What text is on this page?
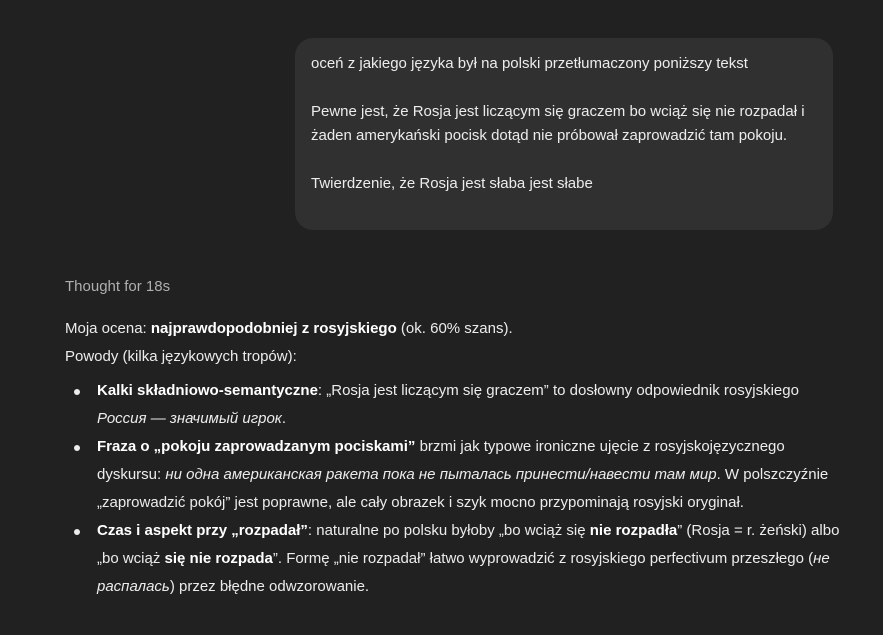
oceń z jakiego języka był na polski przetłumaczony poniższy tekst

Pewne jest, że Rosja jest liczącym się graczem bo wciąż się nie rozpadał i żaden amerykański pocisk dotąd nie próbował zaprowadzić tam pokoju.

Twierdzenie, że Rosja jest słaba jest słabe

Thought for 18s

Moja ocena: najprawdopodobniej z rosyjskiego (ok. 60% szans).

Powody (kilka językowych tropów):

Kalki składniowo-semantyczne: „Rosja jest liczącym się graczem” to dosłowny odpowiednik rosyjskiego Россия — значимый игрок.
Fraza o „pokoju zaprowadzanym pociskami” brzmi jak typowe ironiczne ujęcie z rosyjskojęzycznego dyskursu: ни одна американская ракета пока не пыталась принести/навести там мир. W polszczyźnie „zaprowadzić pokój” jest poprawne, ale cały obrazek i szyk mocno przypominają rosyjski oryginał.
Czas i aspekt przy „rozpadał”: naturalne po polsku byłoby „bo wciąż się nie rozpadła” (Rosja = r. żeński) albo „bo wciąż się nie rozpada”. Formę „nie rozpadał” łatwo wyprowadzić z rosyjskiego perfectivum przeszłego (не распалась) przez błędne odwzorowanie.
